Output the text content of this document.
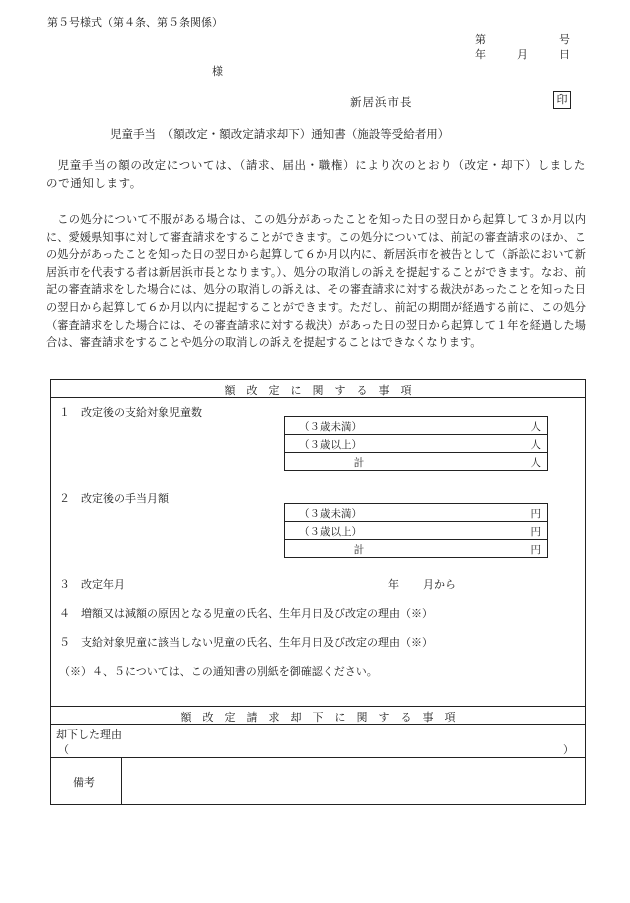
第５号様式（第４条、第５条関係）
第	号
年	月	日
様
新居浜市長	印
児童手当　（額改定・額改定請求却下）通知書（施設等受給者用）
児童手当の額の改定については、（請求、届出・職権）により次のとおり（改定・却下）しましたので通知します。
この処分について不服がある場合は、この処分があったことを知った日の翌日から起算して３か月以内に、愛媛県知事に対して審査請求をすることができます。この処分については、前記の審査請求のほか、この処分があったことを知った日の翌日から起算して６か月以内に、新居浜市を被告として（訴訟において新居浜市を代表する者は新居浜市長となります。）、処分の取消しの訴えを提起することができます。なお、前記の審査請求をした場合には、処分の取消しの訴えは、その審査請求に対する裁決があったことを知った日の翌日から起算して６か月以内に提起することができます。ただし、前記の期間が経過する前に、この処分（審査請求をした場合には、その審査請求に対する裁決）があった日の翌日から起算して１年を経過した場合は、審査請求をすることや処分の取消しの訴えを提起することはできなくなります。
額　改　定　に　関　す　る　事　項
１　改定後の支給対象児童数
（３歳未満）	人
（３歳以上）	人
計	人
２　改定後の手当月額
（３歳未満）	円
（３歳以上）	円
計	円
３　改定年月	年 月から
４　増額又は減額の原因となる児童の氏名、生年月日及び改定の理由（※）
５　支給対象児童に該当しない児童の氏名、生年月日及び改定の理由（※）
（※）４、５については、この通知書の別紙を御確認ください。
額　改　定　請　求　却　下　に　関　す　る　事　項
却下した理由
（	）
備考
